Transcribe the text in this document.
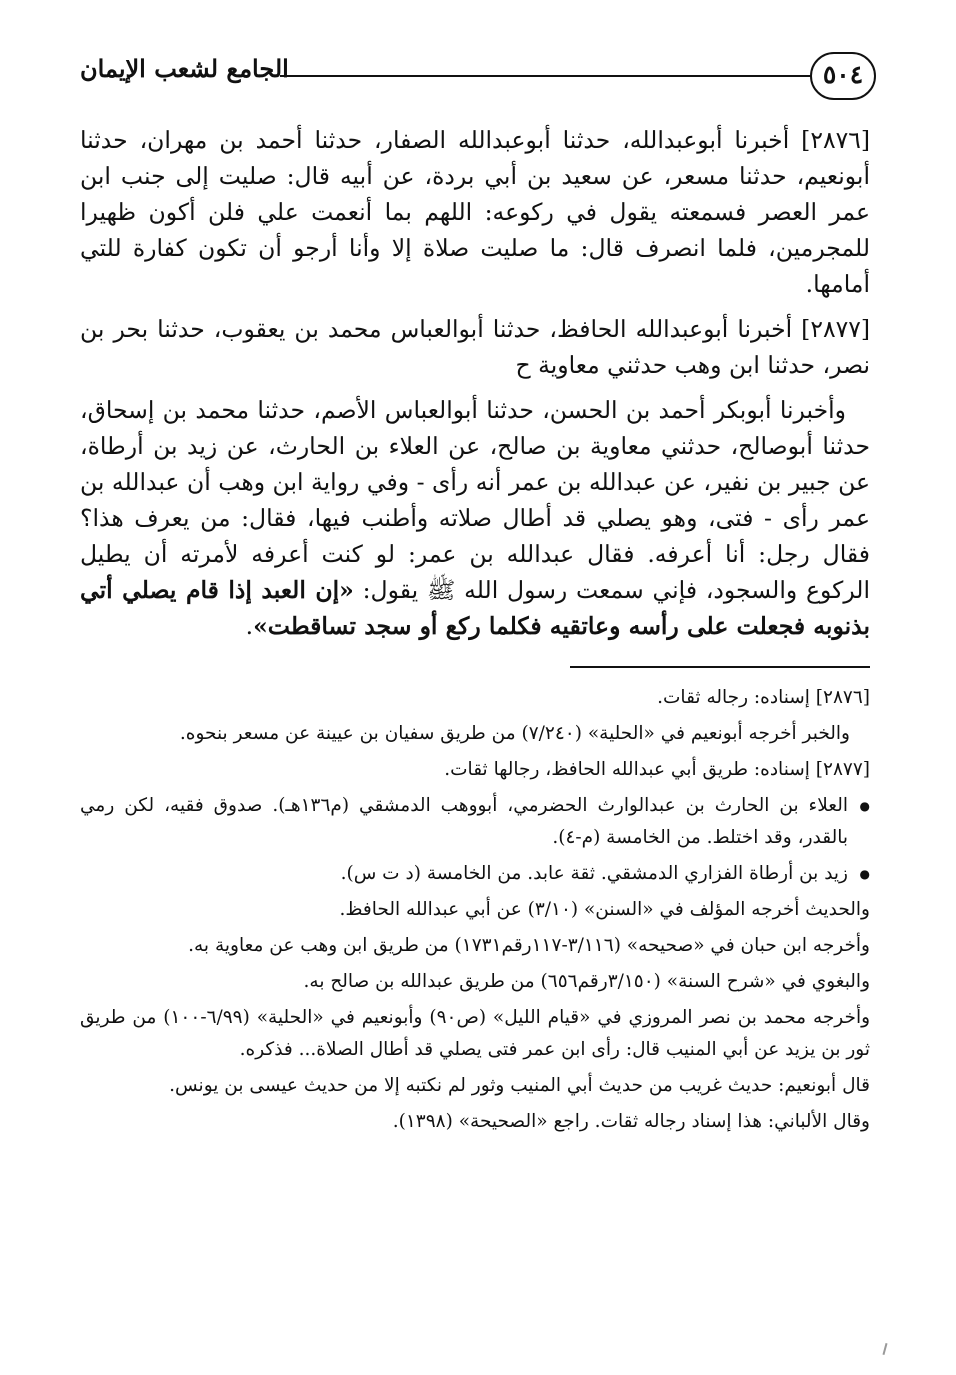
٥٠٤
الجامع لشعب الإيمان

[٢٨٧٦] أخبرنا أبوعبدالله، حدثنا أبوعبدالله الصفار، حدثنا أحمد بن مهران، حدثنا أبونعيم، حدثنا مسعر، عن سعيد بن أبي بردة، عن أبيه قال: صليت إلى جنب ابن عمر العصر فسمعته يقول في ركوعه: اللهم بما أنعمت علي فلن أكون ظهيرا للمجرمين، فلما انصرف قال: ما صليت صلاة إلا وأنا أرجو أن تكون كفارة للتي أمامها.

[٢٨٧٧] أخبرنا أبوعبدالله الحافظ، حدثنا أبوالعباس محمد بن يعقوب، حدثنا بحر بن نصر، حدثنا ابن وهب حدثني معاوية ح

وأخبرنا أبوبكر أحمد بن الحسن، حدثنا أبوالعباس الأصم، حدثنا محمد بن إسحاق، حدثنا أبوصالح، حدثني معاوية بن صالح، عن العلاء بن الحارث، عن زيد بن أرطاة، عن جبير بن نفير، عن عبدالله بن عمر أنه رأى - وفي رواية ابن وهب أن عبدالله بن عمر رأى - فتى، وهو يصلي قد أطال صلاته وأطنب فيها، فقال: من يعرف هذا؟ فقال رجل: أنا أعرفه. فقال عبدالله بن عمر: لو كنت أعرفه لأمرته أن يطيل الركوع والسجود، فإني سمعت رسول الله ﷺ يقول: «إن العبد إذا قام يصلي أتي بذنوبه فجعلت على رأسه وعاتقيه فكلما ركع أو سجد تساقطت».

[٢٨٧٦] إسناده: رجاله ثقات.

والخبر أخرجه أبونعيم في «الحلية» (٧/٢٤٠) من طريق سفيان بن عيينة عن مسعر بنحوه.

[٢٨٧٧] إسناده: طريق أبي عبدالله الحافظ، رجالها ثقات.

● العلاء بن الحارث بن عبدالوارث الحضرمي، أبووهب الدمشقي (م١٣٦هـ). صدوق فقيه، لكن رمي بالقدر، وقد اختلط. من الخامسة (م-٤).

● زيد بن أرطاة الفزاري الدمشقي. ثقة عابد. من الخامسة (د ت س).

والحديث أخرجه المؤلف في «السنن» (٣/١٠) عن أبي عبدالله الحافظ.

وأخرجه ابن حبان في «صحيحه» (٣/١١٦-١١٧رقم١٧٣١) من طريق ابن وهب عن معاوية به.

والبغوي في «شرح السنة» (٣/١٥٠رقم٦٥٦) من طريق عبدالله بن صالح به.

وأخرجه محمد بن نصر المروزي في «قيام الليل» (ص٩٠) وأبونعيم في «الحلية» (٦/٩٩-١٠٠) من طريق ثور بن يزيد عن أبي المنيب قال: رأى ابن عمر فتى يصلي قد أطال الصلاة... فذكره.

قال أبونعيم: حديث غريب من حديث أبي المنيب وثور لم نكتبه إلا من حديث عيسى بن يونس.

وقال الألباني: هذا إسناد رجاله ثقات. راجع «الصحيحة» (١٣٩٨).
